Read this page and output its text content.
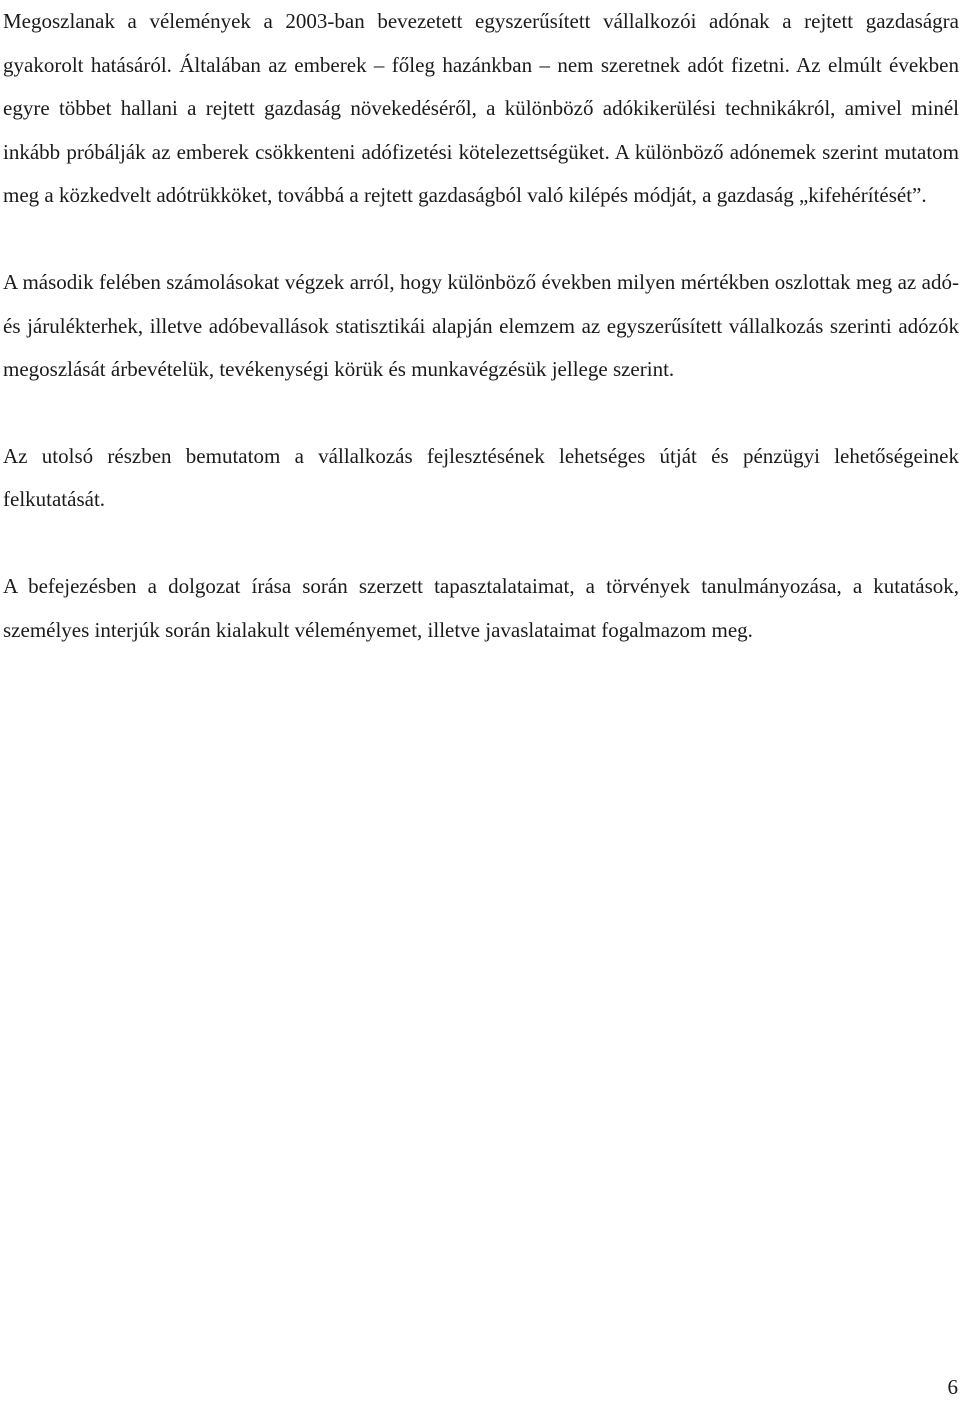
Megoszlanak a vélemények a 2003-ban bevezetett egyszerűsített vállalkozói adónak a rejtett gazdaságra gyakorolt hatásáról. Általában az emberek – főleg hazánkban – nem szeretnek adót fizetni. Az elmúlt években egyre többet hallani a rejtett gazdaság növekedéséről, a különböző adókikerülési technikákról, amivel minél inkább próbálják az emberek csökkenteni adófizetési kötelezettségüket. A különböző adónemek szerint mutatom meg a közkedvelt adótrükköket, továbbá a rejtett gazdaságból való kilépés módját, a gazdaság „kifehérítését”.

A második felében számolásokat végzek arról, hogy különböző években milyen mértékben oszlottak meg az adó- és járulékterhek, illetve adóbevallások statisztikái alapján elemzem az egyszerűsített vállalkozás szerinti adózók megoszlását árbevételük, tevékenységi körük és munkavégzésük jellege szerint.

Az utolsó részben bemutatom a vállalkozás fejlesztésének lehetséges útját és pénzügyi lehetőségeinek felkutatását.

A befejezésben a dolgozat írása során szerzett tapasztalataimat, a törvények tanulmányozása, a kutatások, személyes interjúk során kialakult véleményemet, illetve javaslataimat fogalmazom meg.

6
